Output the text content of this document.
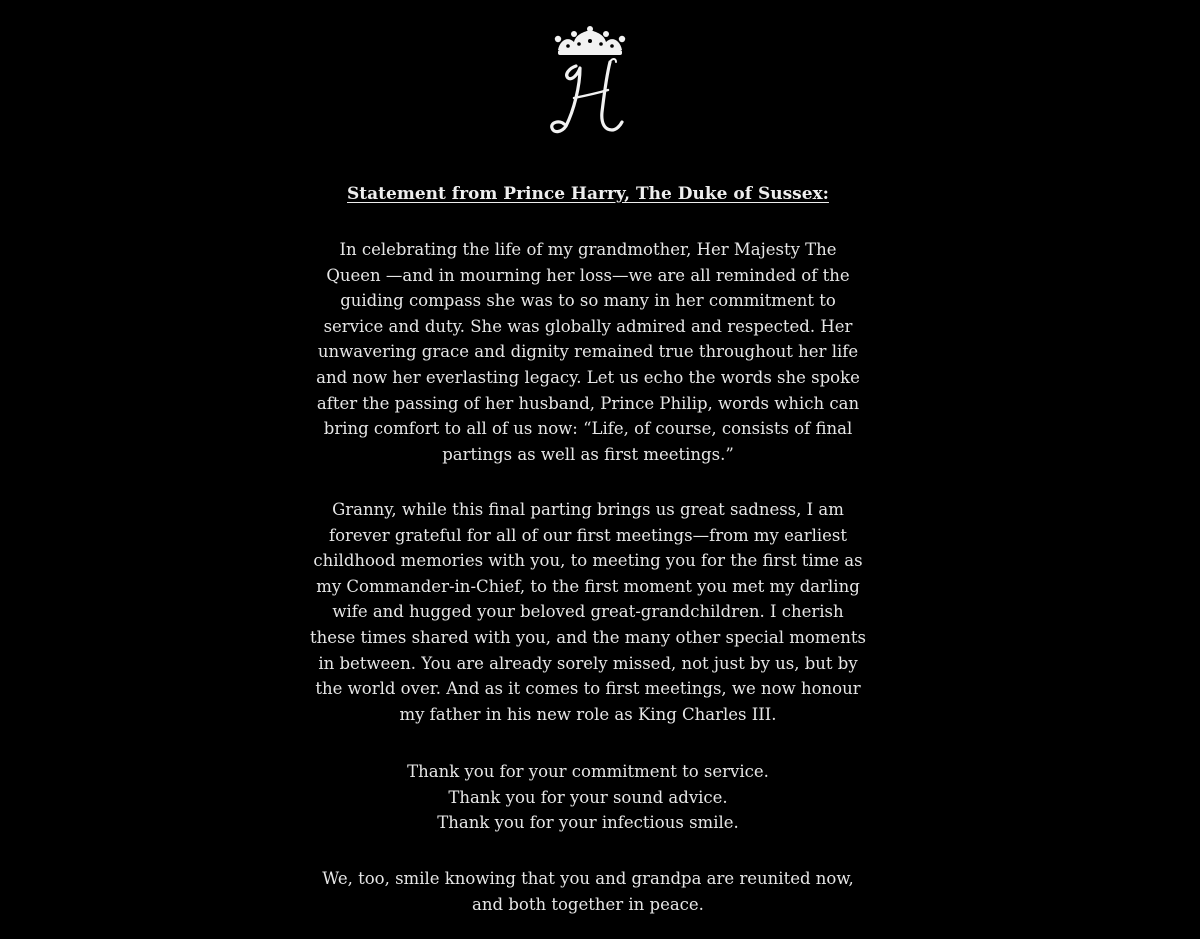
Statement from Prince Harry, The Duke of Sussex:

In celebrating the life of my grandmother, Her Majesty The Queen —and in mourning her loss—we are all reminded of the guiding compass she was to so many in her commitment to service and duty. She was globally admired and respected. Her unwavering grace and dignity remained true throughout her life and now her everlasting legacy. Let us echo the words she spoke after the passing of her husband, Prince Philip, words which can bring comfort to all of us now: “Life, of course, consists of final partings as well as first meetings.”

Granny, while this final parting brings us great sadness, I am forever grateful for all of our first meetings—from my earliest childhood memories with you, to meeting you for the first time as my Commander-in-Chief, to the first moment you met my darling wife and hugged your beloved great-grandchildren. I cherish these times shared with you, and the many other special moments in between. You are already sorely missed, not just by us, but by the world over. And as it comes to first meetings, we now honour my father in his new role as King Charles III.

Thank you for your commitment to service.
Thank you for your sound advice.
Thank you for your infectious smile.

We, too, smile knowing that you and grandpa are reunited now, and both together in peace.
